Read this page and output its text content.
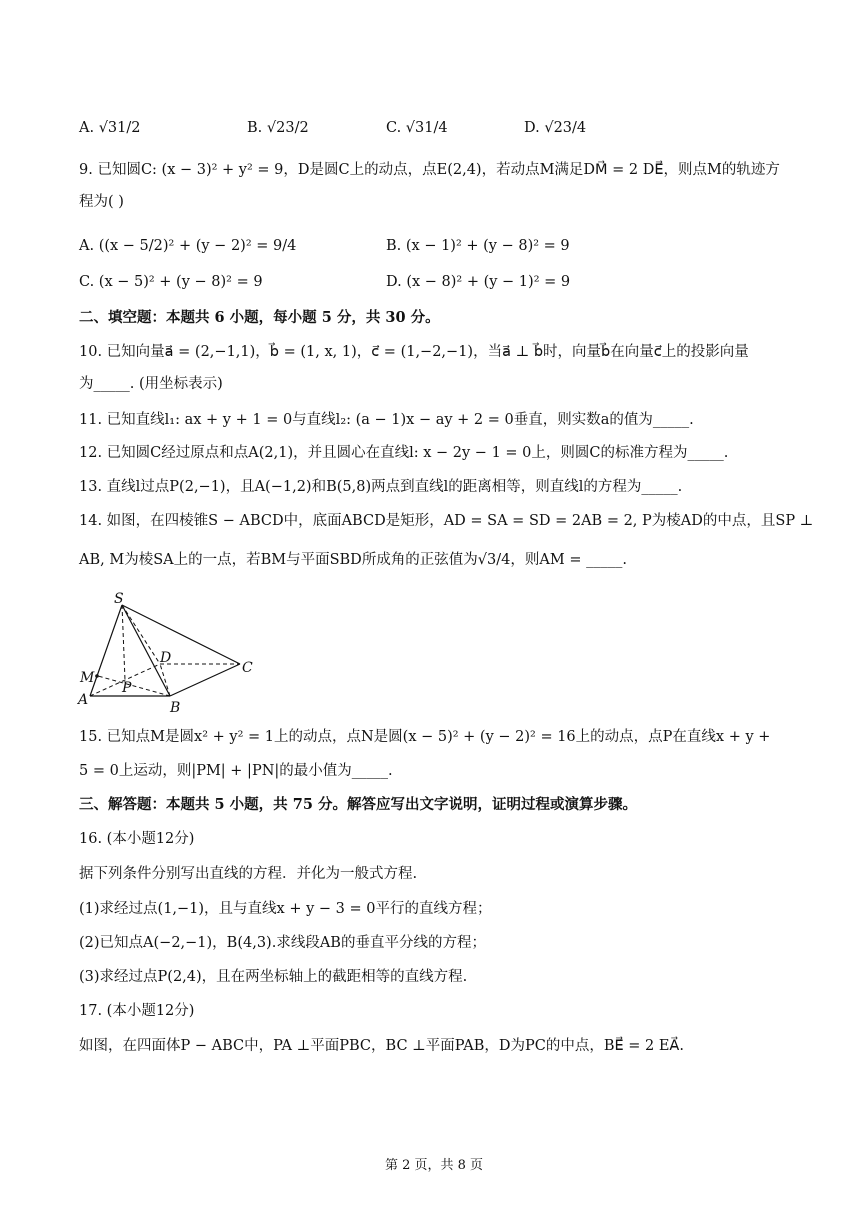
A. √31/2	B. √23/2	C. √31/4	D. √23/4
9. 已知圆C: (x − 3)² + y² = 9，D是圆C上的动点，点E(2,4)，若动点M满足DM⃗ = 2 DE⃗，则点M的轨迹方
程为( )
A. ((x − 5/2)² + (y − 2)² = 9/4	B. (x − 1)² + (y − 8)² = 9
C. (x − 5)² + (y − 8)² = 9	D. (x − 8)² + (y − 1)² = 9
二、填空题：本题共 6 小题，每小题 5 分，共 30 分。
10. 已知向量a⃗ = (2,−1,1)，b⃗ = (1, x, 1)，c⃗ = (1,−2,−1)，当a⃗ ⊥ b⃗时，向量b⃗在向量c⃗上的投影向量
为_____. (用坐标表示)
11. 已知直线l₁: ax + y + 1 = 0与直线l₂: (a − 1)x − ay + 2 = 0垂直，则实数a的值为_____.
12. 已知圆C经过原点和点A(2,1)，并且圆心在直线l: x − 2y − 1 = 0上，则圆C的标准方程为_____.
13. 直线l过点P(2,−1)，且A(−1,2)和B(5,8)两点到直线l的距离相等，则直线l的方程为_____.
14. 如图，在四棱锥S − ABCD中，底面ABCD是矩形，AD = SA = SD = 2AB = 2, P为棱AD的中点，且SP ⊥
AB, M为棱SA上的一点，若BM与平面SBD所成角的正弦值为√3/4，则AM = _____.
S
D
C
M
P
A	B
15. 已知点M是圆x² + y² = 1上的动点，点N是圆(x − 5)² + (y − 2)² = 16上的动点，点P在直线x + y +
5 = 0上运动，则|PM| + |PN|的最小值为_____.
三、解答题：本题共 5 小题，共 75 分。解答应写出文字说明，证明过程或演算步骤。
16. (本小题12分)
据下列条件分别写出直线的方程．并化为一般式方程.
(1)求经过点(1,−1)，且与直线x + y − 3 = 0平行的直线方程；
(2)已知点A(−2,−1)，B(4,3).求线段AB的垂直平分线的方程；
(3)求经过点P(2,4)，且在两坐标轴上的截距相等的直线方程.
17. (本小题12分)
如图，在四面体P − ABC中，PA ⊥平面PBC，BC ⊥平面PAB，D为PC的中点，BE⃗ = 2 EA⃗.
第 2 页，共 8 页
